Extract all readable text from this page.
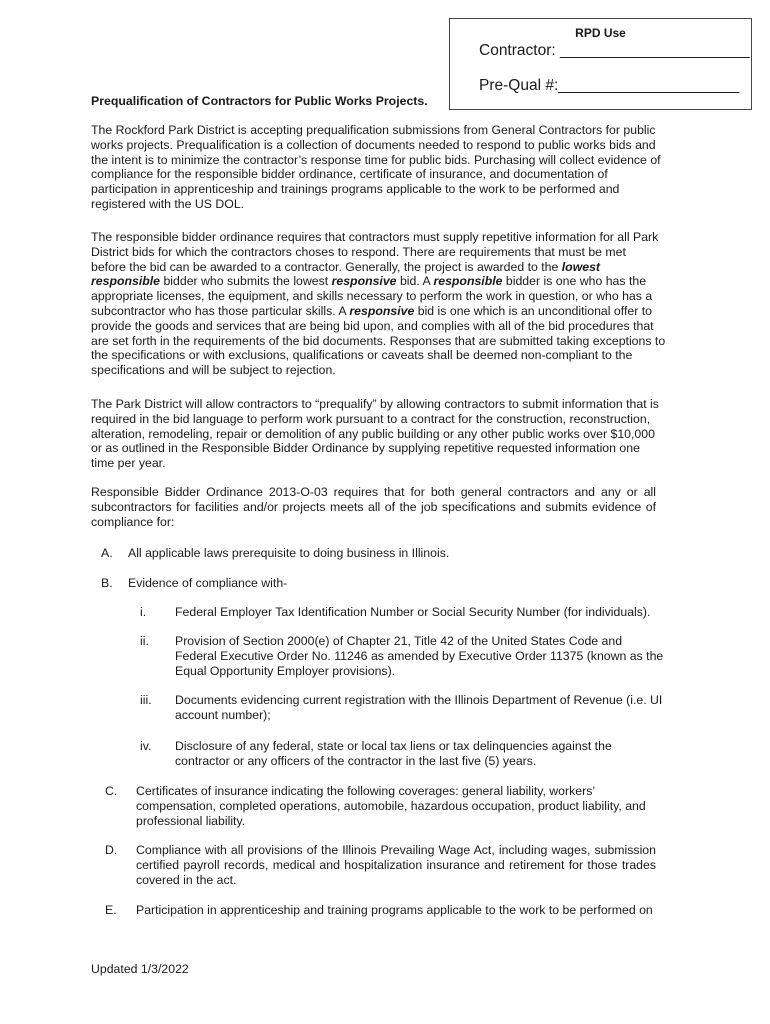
RPD Use
Contractor: ______________________
Pre-Qual #:_____________________
Prequalification of Contractors for Public Works Projects.
The Rockford Park District is accepting prequalification submissions from General Contractors for public
works projects. Prequalification is a collection of documents needed to respond to public works bids and
the intent is to minimize the contractor’s response time for public bids. Purchasing will collect evidence of
compliance for the responsible bidder ordinance, certificate of insurance, and documentation of
participation in apprenticeship and trainings programs applicable to the work to be performed and
registered with the US DOL.
The responsible bidder ordinance requires that contractors must supply repetitive information for all Park
District bids for which the contractors choses to respond. There are requirements that must be met
before the bid can be awarded to a contractor. Generally, the project is awarded to the lowest
responsible bidder who submits the lowest responsive bid. A responsible bidder is one who has the
appropriate licenses, the equipment, and skills necessary to perform the work in question, or who has a
subcontractor who has those particular skills. A responsive bid is one which is an unconditional offer to
provide the goods and services that are being bid upon, and complies with all of the bid procedures that
are set forth in the requirements of the bid documents. Responses that are submitted taking exceptions to
the specifications or with exclusions, qualifications or caveats shall be deemed non-compliant to the
specifications and will be subject to rejection.
The Park District will allow contractors to “prequalify” by allowing contractors to submit information that is
required in the bid language to perform work pursuant to a contract for the construction, reconstruction,
alteration, remodeling, repair or demolition of any public building or any other public works over $10,000
or as outlined in the Responsible Bidder Ordinance by supplying repetitive requested information one
time per year.
Responsible Bidder Ordinance 2013-O-03 requires that for both general contractors and any or all
subcontractors for facilities and/or projects meets all of the job specifications and submits evidence of
compliance for:
A. All applicable laws prerequisite to doing business in Illinois.
B. Evidence of compliance with-
i. Federal Employer Tax Identification Number or Social Security Number (for individuals).
ii. Provision of Section 2000(e) of Chapter 21, Title 42 of the United States Code and
Federal Executive Order No. 11246 as amended by Executive Order 11375 (known as the
Equal Opportunity Employer provisions).
iii. Documents evidencing current registration with the Illinois Department of Revenue (i.e. UI
account number);
iv. Disclosure of any federal, state or local tax liens or tax delinquencies against the
contractor or any officers of the contractor in the last five (5) years.
C. Certificates of insurance indicating the following coverages: general liability, workers’
compensation, completed operations, automobile, hazardous occupation, product liability, and
professional liability.
D. Compliance with all provisions of the Illinois Prevailing Wage Act, including wages, submission
certified payroll records, medical and hospitalization insurance and retirement for those trades
covered in the act.
E. Participation in apprenticeship and training programs applicable to the work to be performed on
Updated 1/3/2022
